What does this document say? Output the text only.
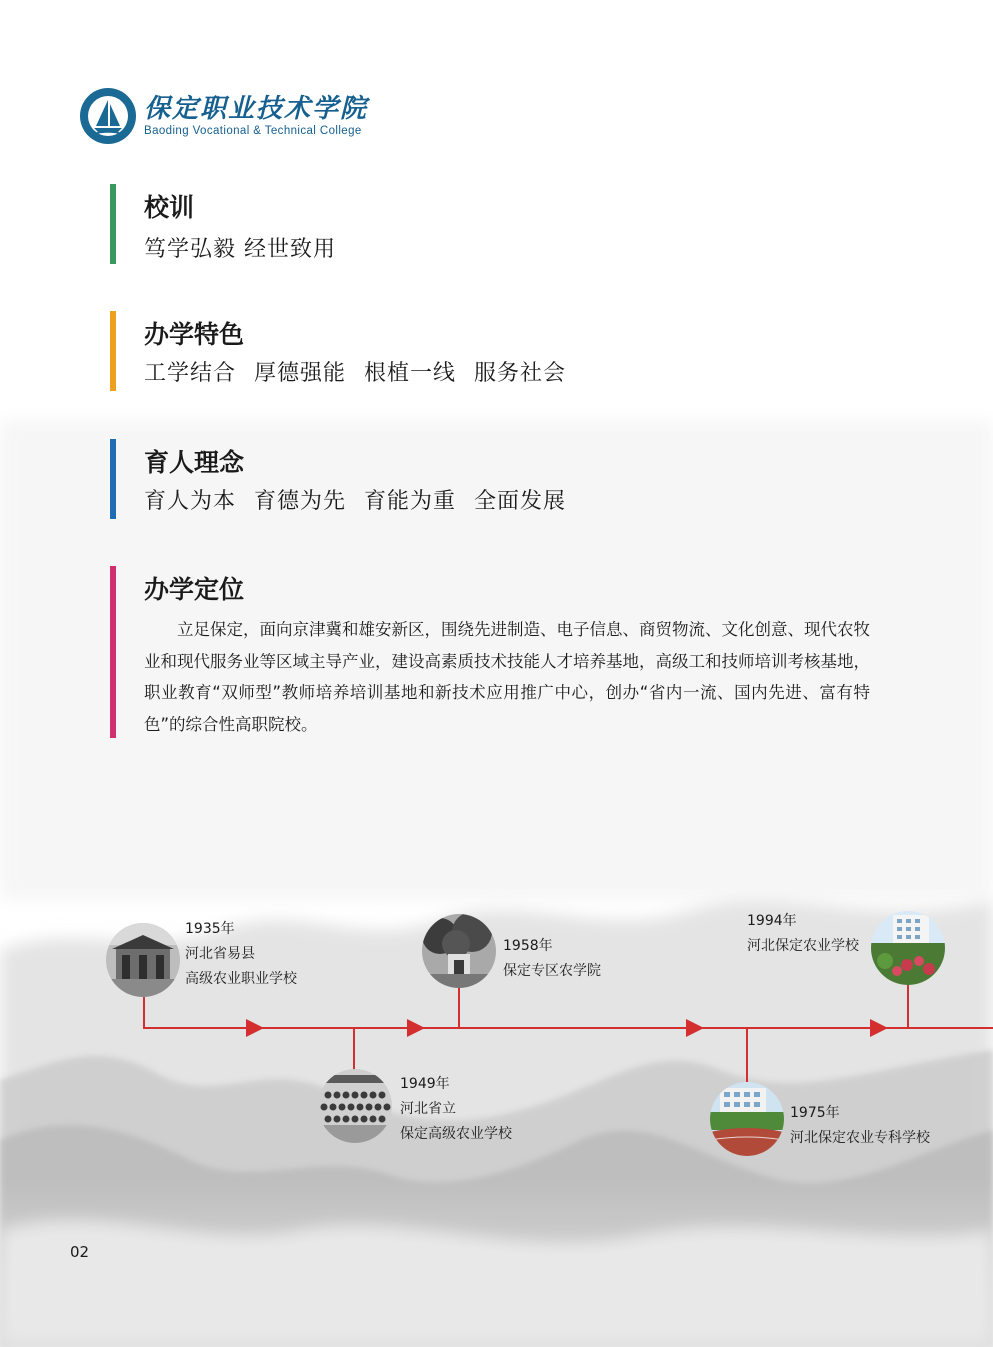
保定职业技术学院
Baoding Vocational & Technical College
校训
笃学弘毅 经世致用
办学特色
工学结合 厚德强能 根植一线 服务社会
育人理念
育人为本 育德为先 育能为重 全面发展
办学定位
立足保定，面向京津冀和雄安新区，围绕先进制造、电子信息、商贸物流、文化创意、现代农牧业和现代服务业等区域主导产业，建设高素质技术技能人才培养基地，高级工和技师培训考核基地，职业教育“双师型”教师培养培训基地和新技术应用推广中心，创办“省内一流、国内先进、富有特色”的综合性高职院校。
1935年
河北省易县
高级农业职业学校
1949年
河北省立
保定高级农业学校
1958年
保定专区农学院
1975年
河北保定农业专科学校
1994年
河北保定农业学校
02
